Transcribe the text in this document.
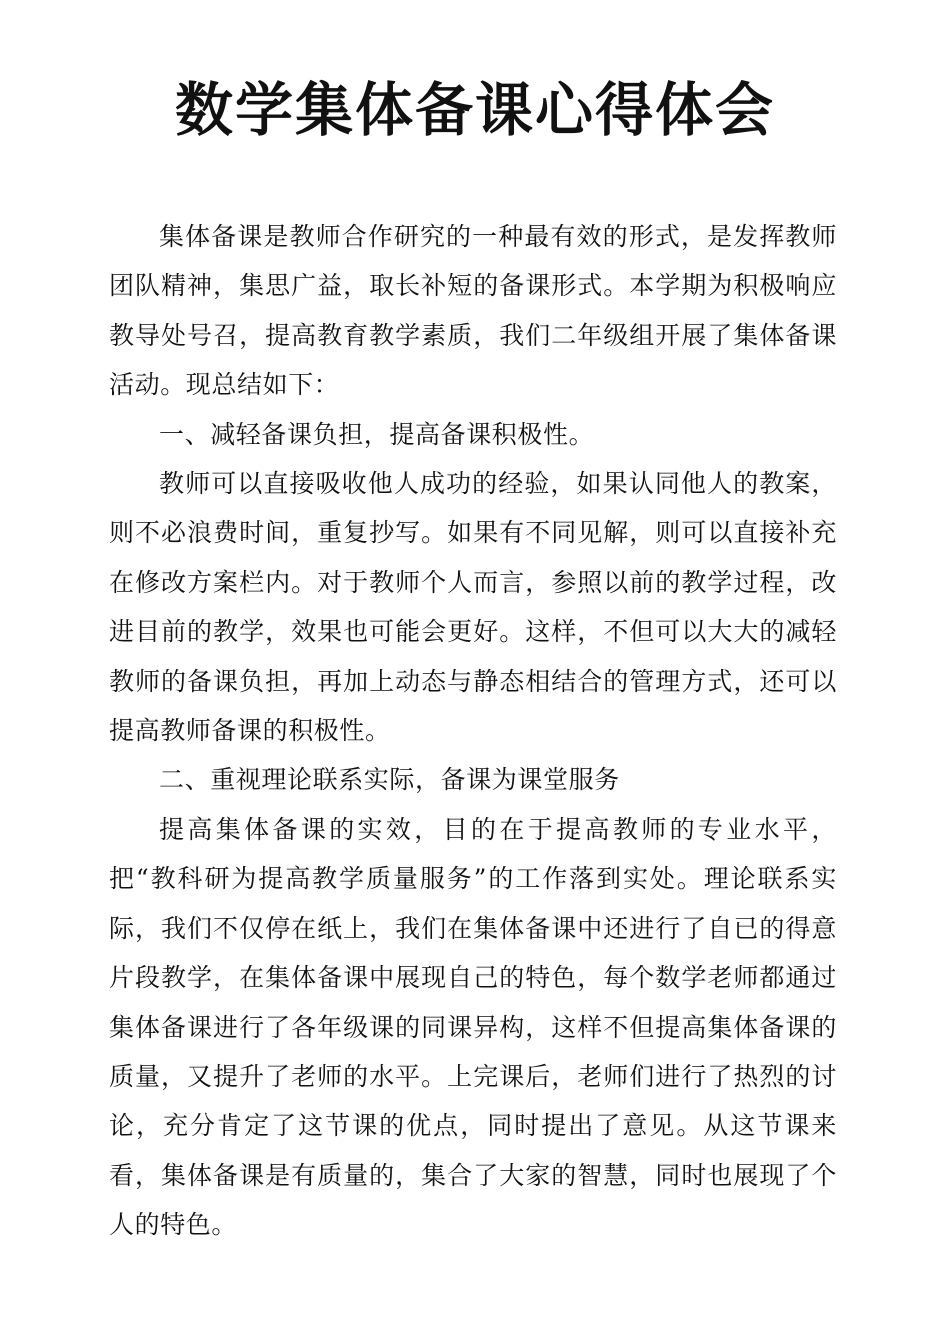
数学集体备课心得体会

集体备课是教师合作研究的一种最有效的形式，是发挥教师团队精神，集思广益，取长补短的备课形式。本学期为积极响应教导处号召，提高教育教学素质，我们二年级组开展了集体备课活动。现总结如下：

一、减轻备课负担，提高备课积极性。

教师可以直接吸收他人成功的经验，如果认同他人的教案，则不必浪费时间，重复抄写。如果有不同见解，则可以直接补充在修改方案栏内。对于教师个人而言，参照以前的教学过程，改进目前的教学，效果也可能会更好。这样，不但可以大大的减轻教师的备课负担，再加上动态与静态相结合的管理方式，还可以提高教师备课的积极性。

二、重视理论联系实际，备课为课堂服务

提高集体备课的实效，目的在于提高教师的专业水平，把“教科研为提高教学质量服务”的工作落到实处。理论联系实际，我们不仅停在纸上，我们在集体备课中还进行了自已的得意片段教学，在集体备课中展现自己的特色，每个数学老师都通过集体备课进行了各年级课的同课异构，这样不但提高集体备课的质量，又提升了老师的水平。上完课后，老师们进行了热烈的讨论，充分肯定了这节课的优点，同时提出了意见。从这节课来看，集体备课是有质量的，集合了大家的智慧，同时也展现了个人的特色。
